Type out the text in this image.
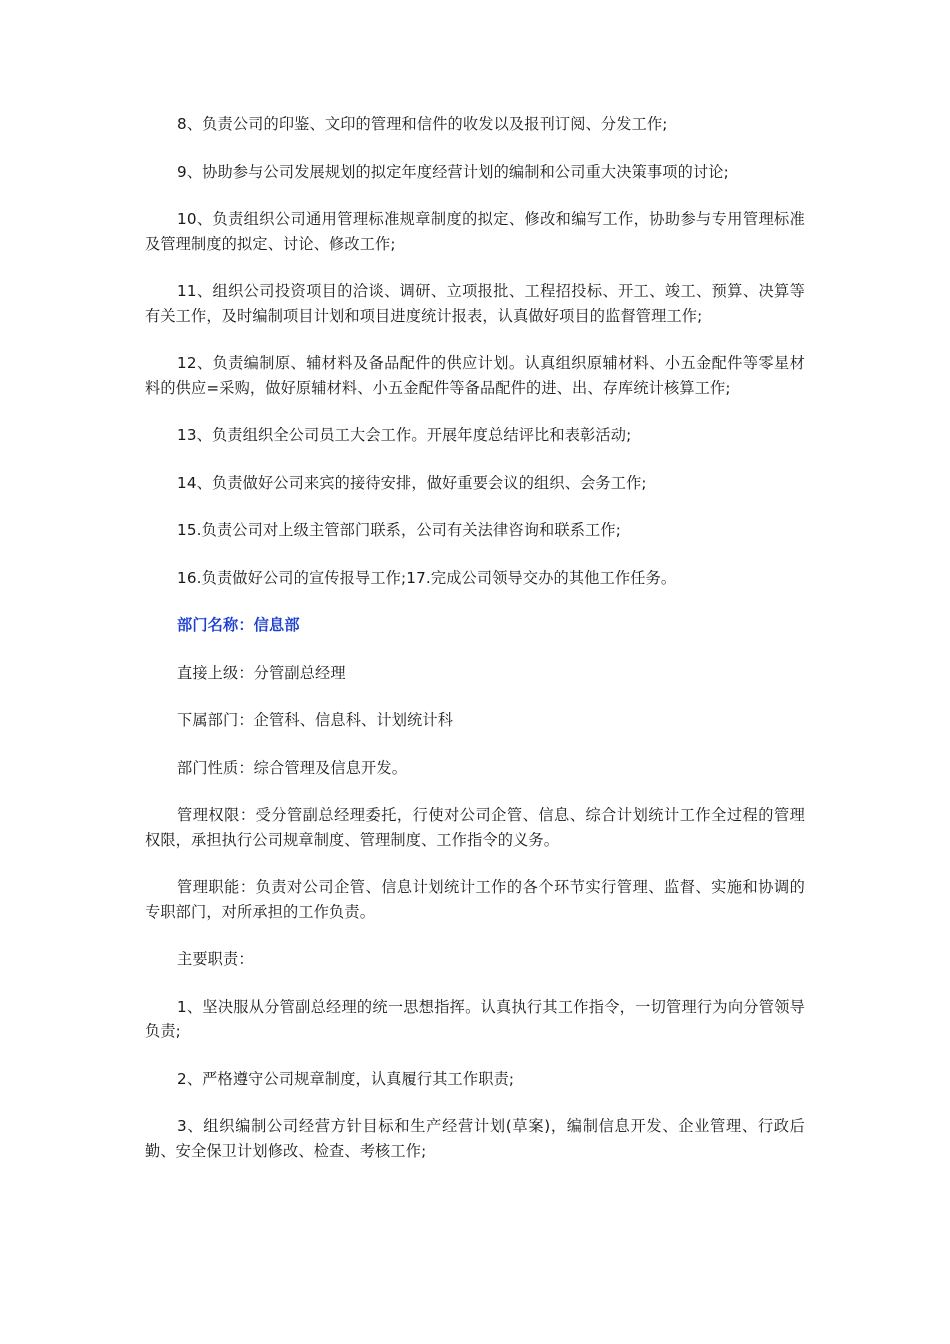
8、负责公司的印鉴、文印的管理和信件的收发以及报刊订阅、分发工作;

9、协助参与公司发展规划的拟定年度经营计划的编制和公司重大决策事项的讨论;

10、负责组织公司通用管理标准规章制度的拟定、修改和编写工作，协助参与专用管理标准及管理制度的拟定、讨论、修改工作;

11、组织公司投资项目的洽谈、调研、立项报批、工程招投标、开工、竣工、预算、决算等有关工作，及时编制项目计划和项目进度统计报表，认真做好项目的监督管理工作;

12、负责编制原、辅材料及备品配件的供应计划。认真组织原辅材料、小五金配件等零星材料的供应=采购，做好原辅材料、小五金配件等备品配件的进、出、存库统计核算工作;

13、负责组织全公司员工大会工作。开展年度总结评比和表彰活动;

14、负责做好公司来宾的接待安排，做好重要会议的组织、会务工作;

15.负责公司对上级主管部门联系，公司有关法律咨询和联系工作;

16.负责做好公司的宣传报导工作;17.完成公司领导交办的其他工作任务。

部门名称：信息部

直接上级：分管副总经理

下属部门：企管科、信息科、计划统计科

部门性质：综合管理及信息开发。

管理权限：受分管副总经理委托，行使对公司企管、信息、综合计划统计工作全过程的管理权限，承担执行公司规章制度、管理制度、工作指令的义务。

管理职能：负责对公司企管、信息计划统计工作的各个环节实行管理、监督、实施和协调的专职部门，对所承担的工作负责。

主要职责：

1、坚决服从分管副总经理的统一思想指挥。认真执行其工作指令，一切管理行为向分管领导负责;

2、严格遵守公司规章制度，认真履行其工作职责;

3、组织编制公司经营方针目标和生产经营计划(草案)，编制信息开发、企业管理、行政后勤、安全保卫计划修改、检查、考核工作;
